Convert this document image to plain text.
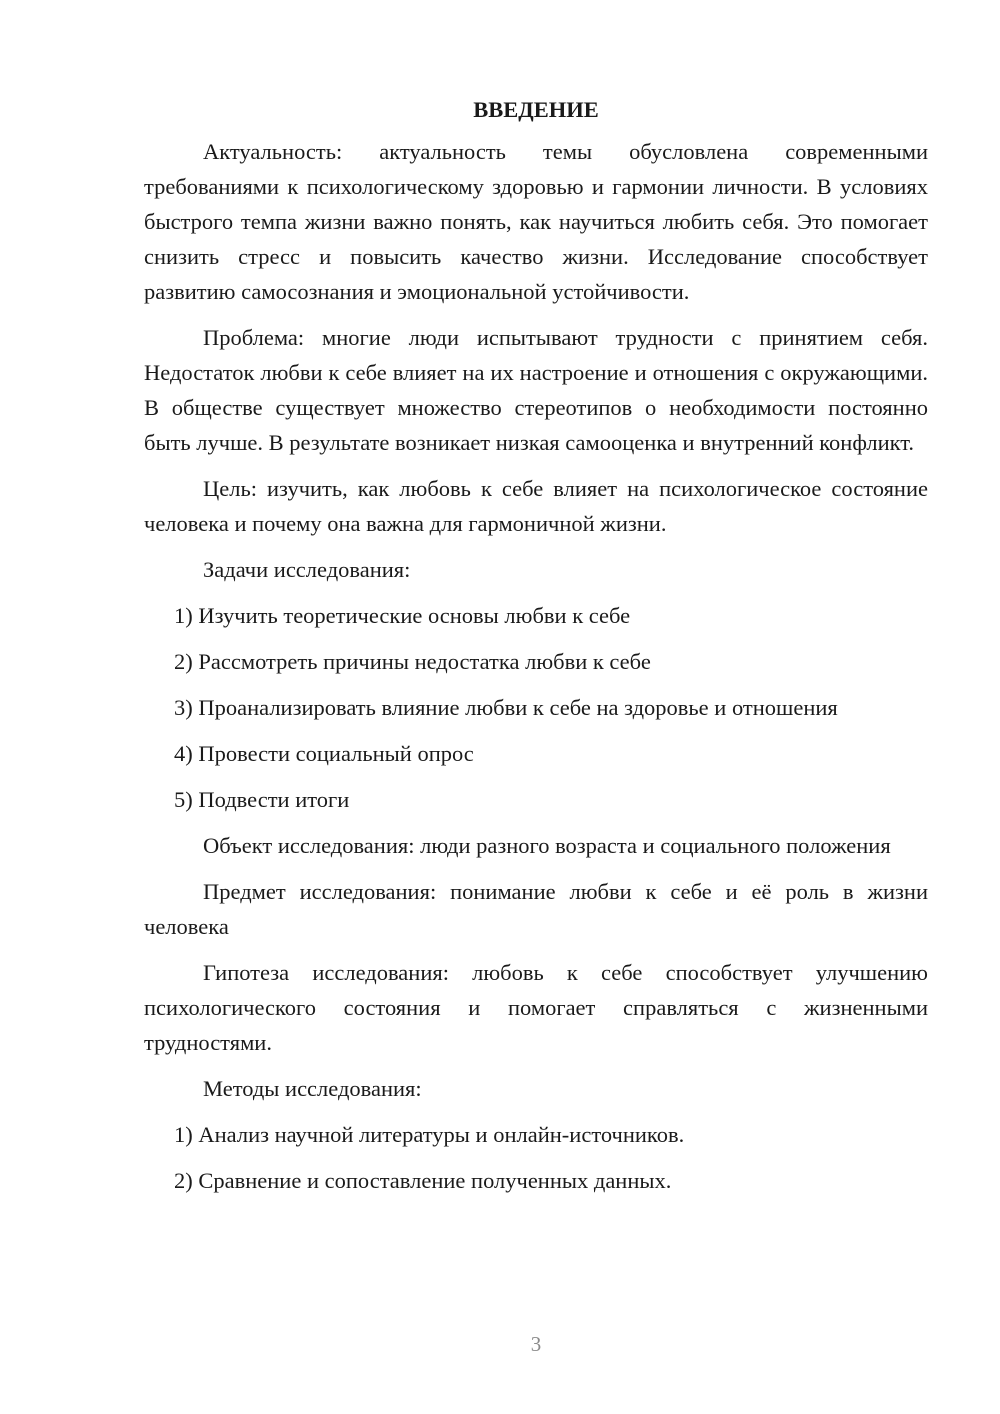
ВВЕДЕНИЕ

Актуальность: актуальность темы обусловлена современными требованиями к психологическому здоровью и гармонии личности. В условиях быстрого темпа жизни важно понять, как научиться любить себя. Это помогает снизить стресс и повысить качество жизни. Исследование способствует развитию самосознания и эмоциональной устойчивости.

Проблема: многие люди испытывают трудности с принятием себя. Недостаток любви к себе влияет на их настроение и отношения с окружающими. В обществе существует множество стереотипов о необходимости постоянно быть лучше. В результате возникает низкая самооценка и внутренний конфликт.

Цель: изучить, как любовь к себе влияет на психологическое состояние человека и почему она важна для гармоничной жизни.

Задачи исследования:

1) Изучить теоретические основы любви к себе

2) Рассмотреть причины недостатка любви к себе

3) Проанализировать влияние любви к себе на здоровье и отношения

4) Провести социальный опрос

5) Подвести итоги

Объект исследования: люди разного возраста и социального положения

Предмет исследования: понимание любви к себе и её роль в жизни человека

Гипотеза исследования: любовь к себе способствует улучшению психологического состояния и помогает справляться с жизненными трудностями.

Методы исследования:

1) Анализ научной литературы и онлайн-источников.

2) Сравнение и сопоставление полученных данных.

3
